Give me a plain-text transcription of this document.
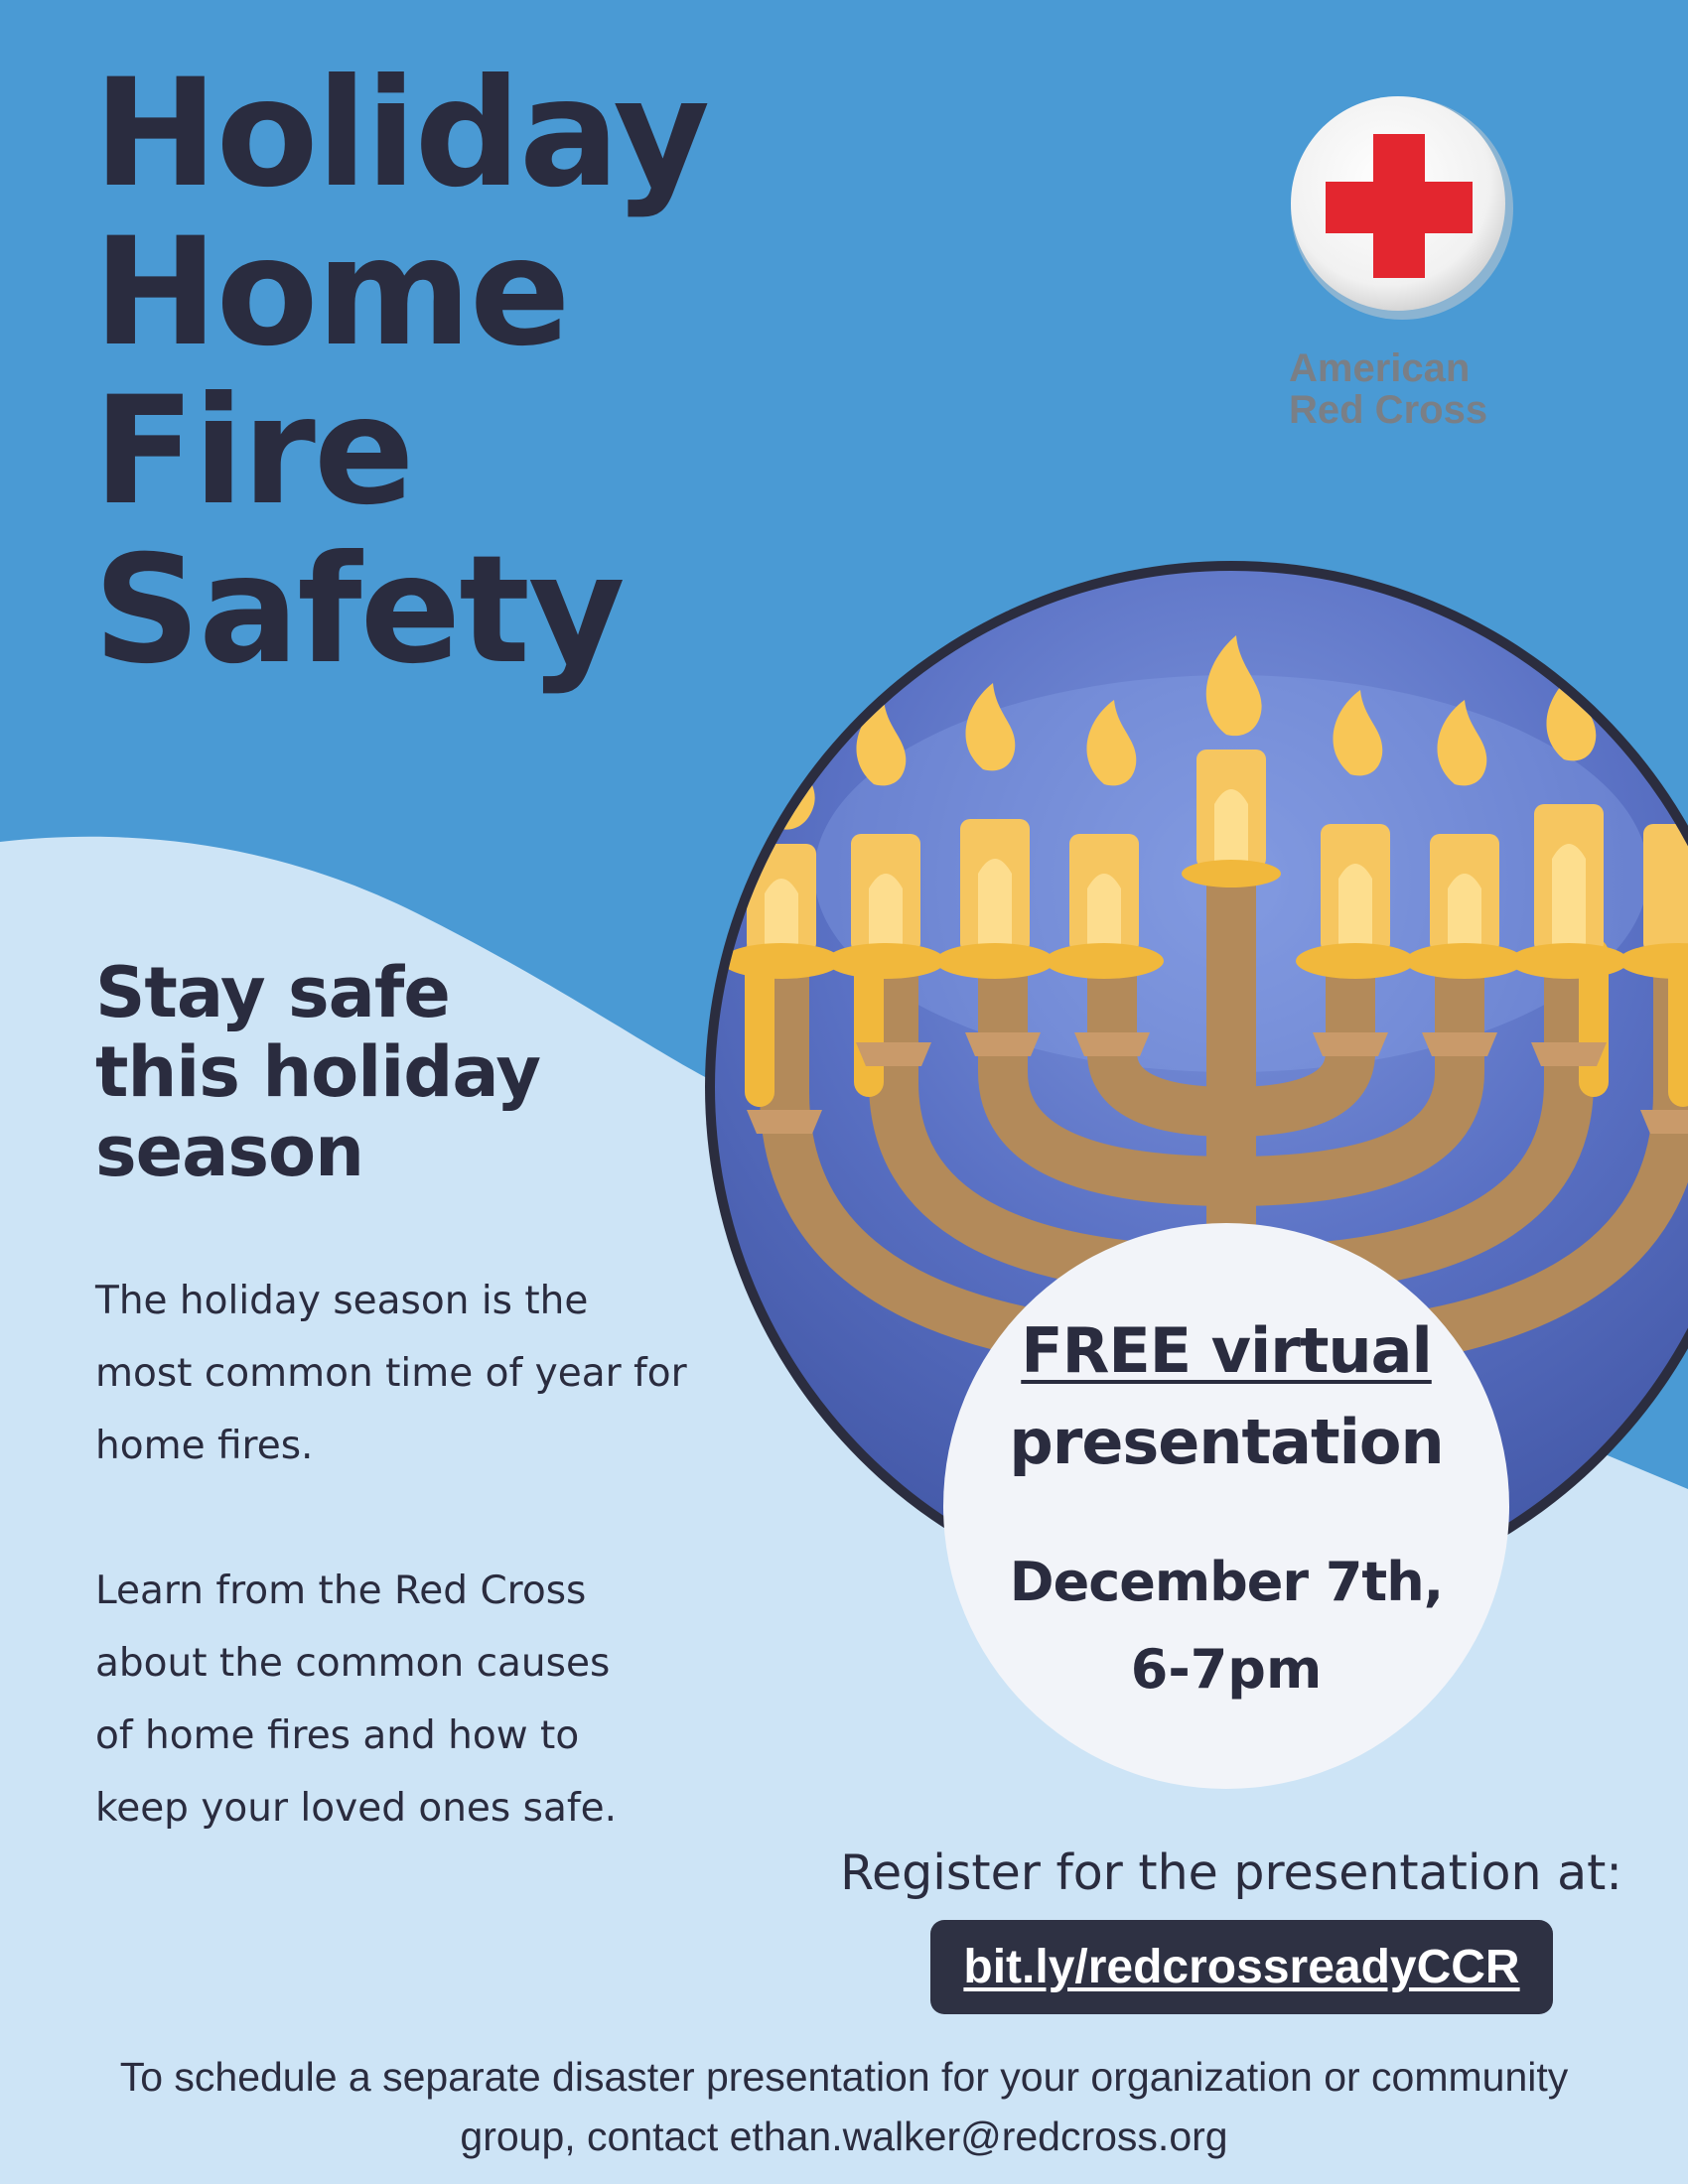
Holiday
Home
Fire
Safety

American
Red Cross

Stay safe
this holiday
season

The holiday season is the most common time of year for home fires.

Learn from the Red Cross about the common causes of home fires and how to keep your loved ones safe.

FREE virtual
presentation
December 7th,
6-7pm

Register for the presentation at:

bit.ly/redcrossreadyCCR

To schedule a separate disaster presentation for your organization or community
group, contact ethan.walker@redcross.org
